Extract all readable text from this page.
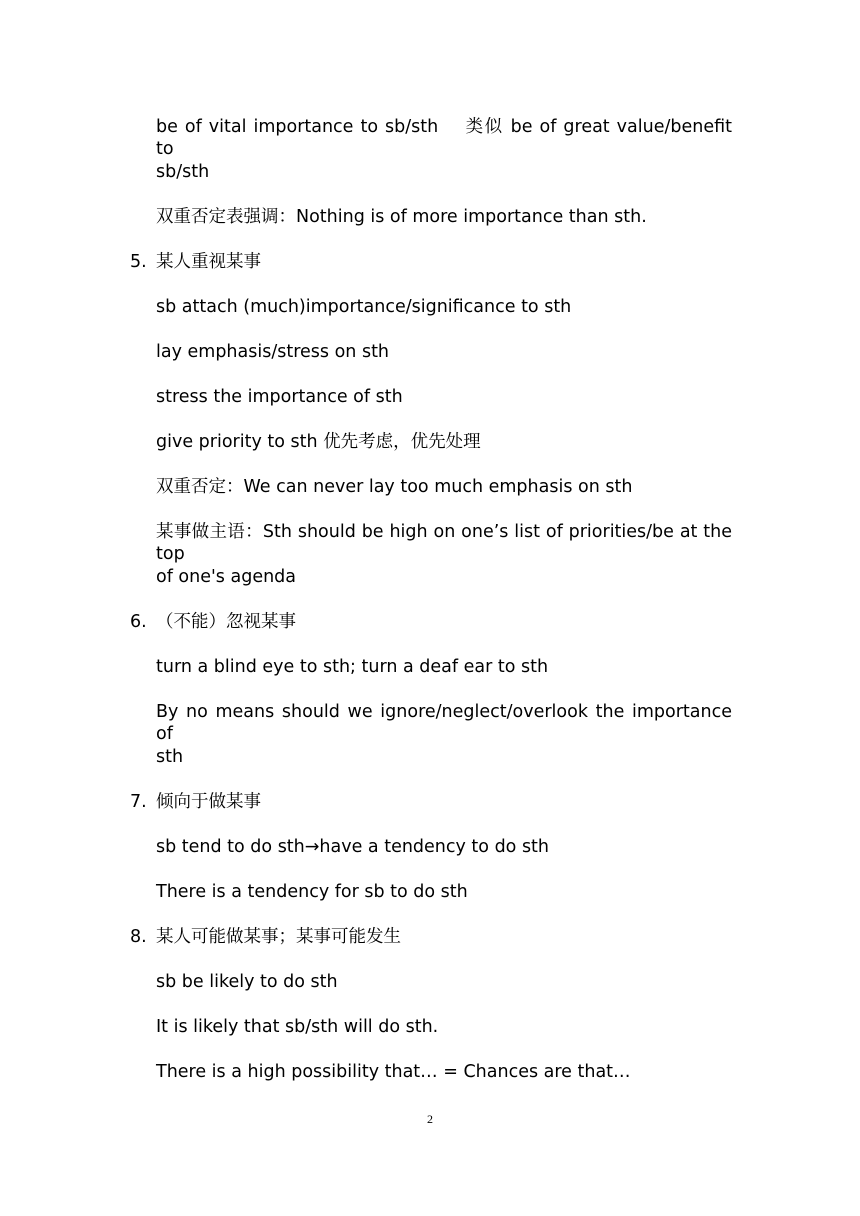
be of vital importance to sb/sth　 类似 be of great value/benefit to
sb/sth
双重否定表强调：Nothing is of more importance than sth.
5. 某人重视某事
sb attach (much)importance/significance to sth
lay emphasis/stress on sth
stress the importance of sth
give priority to sth 优先考虑，优先处理
双重否定：We can never lay too much emphasis on sth
某事做主语：Sth should be high on one’s list of priorities/be at the top
of one's agenda
6. （不能）忽视某事
turn a blind eye to sth; turn a deaf ear to sth
By no means should we ignore/neglect/overlook the importance of
sth
7. 倾向于做某事
sb tend to do sth→have a tendency to do sth
There is a tendency for sb to do sth
8. 某人可能做某事；某事可能发生
sb be likely to do sth
It is likely that sb/sth will do sth.
There is a high possibility that… = Chances are that…
2
